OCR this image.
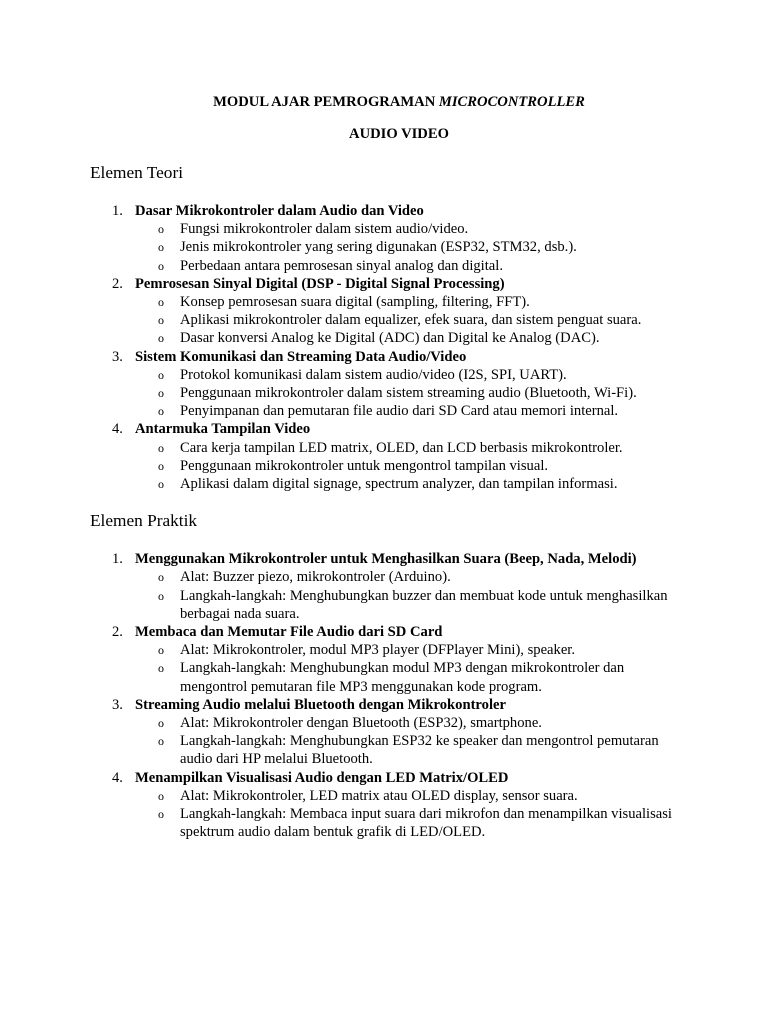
MODUL AJAR PEMROGRAMAN MICROCONTROLLER

AUDIO VIDEO

Elemen Teori
1. Dasar Mikrokontroler dalam Audio dan Video
o Fungsi mikrokontroler dalam sistem audio/video.
o Jenis mikrokontroler yang sering digunakan (ESP32, STM32, dsb.).
o Perbedaan antara pemrosesan sinyal analog dan digital.
2. Pemrosesan Sinyal Digital (DSP - Digital Signal Processing)
o Konsep pemrosesan suara digital (sampling, filtering, FFT).
o Aplikasi mikrokontroler dalam equalizer, efek suara, dan sistem penguat suara.
o Dasar konversi Analog ke Digital (ADC) dan Digital ke Analog (DAC).
3. Sistem Komunikasi dan Streaming Data Audio/Video
o Protokol komunikasi dalam sistem audio/video (I2S, SPI, UART).
o Penggunaan mikrokontroler dalam sistem streaming audio (Bluetooth, Wi-Fi).
o Penyimpanan dan pemutaran file audio dari SD Card atau memori internal.
4. Antarmuka Tampilan Video
o Cara kerja tampilan LED matrix, OLED, dan LCD berbasis mikrokontroler.
o Penggunaan mikrokontroler untuk mengontrol tampilan visual.
o Aplikasi dalam digital signage, spectrum analyzer, dan tampilan informasi.
Elemen Praktik
1. Menggunakan Mikrokontroler untuk Menghasilkan Suara (Beep, Nada, Melodi)
o Alat: Buzzer piezo, mikrokontroler (Arduino).
o Langkah-langkah: Menghubungkan buzzer dan membuat kode untuk menghasilkan berbagai nada suara.
2. Membaca dan Memutar File Audio dari SD Card
o Alat: Mikrokontroler, modul MP3 player (DFPlayer Mini), speaker.
o Langkah-langkah: Menghubungkan modul MP3 dengan mikrokontroler dan mengontrol pemutaran file MP3 menggunakan kode program.
3. Streaming Audio melalui Bluetooth dengan Mikrokontroler
o Alat: Mikrokontroler dengan Bluetooth (ESP32), smartphone.
o Langkah-langkah: Menghubungkan ESP32 ke speaker dan mengontrol pemutaran audio dari HP melalui Bluetooth.
4. Menampilkan Visualisasi Audio dengan LED Matrix/OLED
o Alat: Mikrokontroler, LED matrix atau OLED display, sensor suara.
o Langkah-langkah: Membaca input suara dari mikrofon dan menampilkan visualisasi spektrum audio dalam bentuk grafik di LED/OLED.
